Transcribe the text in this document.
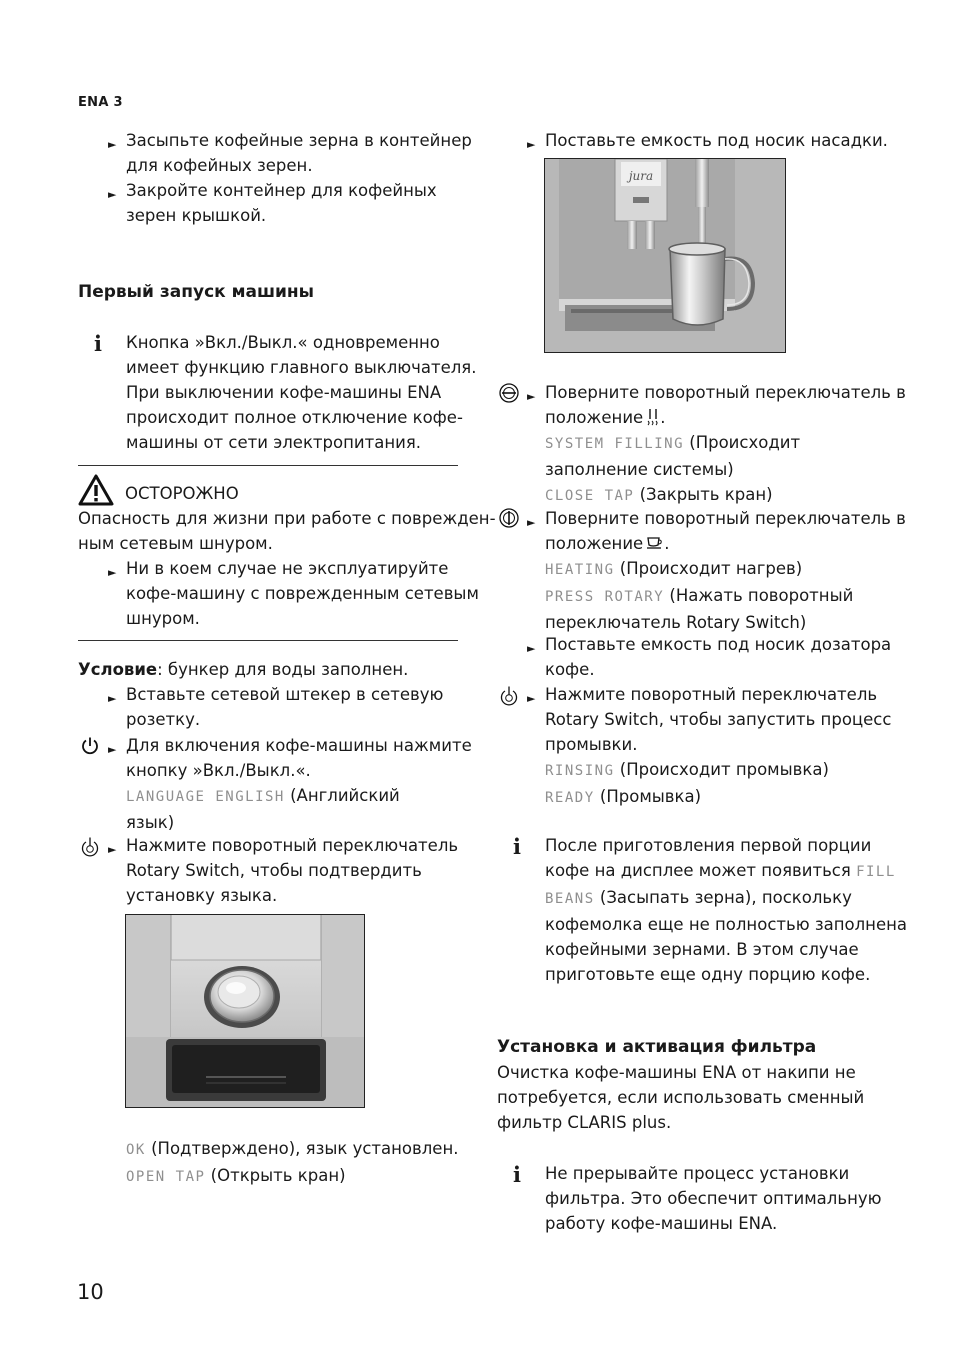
ENA 3
► Засыпьте кофейные зерна в контейнер
для кофейных зерен.
► Закройте контейнер для кофейных
зерен крышкой.
Первый запуск машины
i Кнопка »Вкл./Выкл.« одновременно
имеет функцию главного выключателя.
При выключении кофе-машины ENA
происходит полное отключение кофе-
машины от сети электропитания.
ОСТОРОЖНО
Опасность для жизни при работе с поврежден-
ным сетевым шнуром.
► Ни в коем случае не эксплуатируйте
кофе-машину с поврежденным сетевым
шнуром.
Условие: бункер для воды заполнен.
► Вставьте сетевой штекер в сетевую
розетку.
► Для включения кофе-машины нажмите
кнопку »Вкл./Выкл.«.
LANGUAGE ENGLISH (Английский
язык)
► Нажмите поворотный переключатель
Rotary Switch, чтобы подтвердить
установку языка.
OK (Подтверждено), язык установлен.
OPEN TAP (Открыть кран)
10
► Поставьте емкость под носик насадки.
jura
► Поверните поворотный переключатель в
положение .
SYSTEM FILLING (Происходит
заполнение системы)
CLOSE TAP (Закрыть кран)
► Поверните поворотный переключатель в
положение .
HEATING (Происходит нагрев)
PRESS ROTARY (Нажать поворотный
переключатель Rotary Switch)
► Поставьте емкость под носик дозатора
кофе.
► Нажмите поворотный переключатель
Rotary Switch, чтобы запустить процесс
промывки.
RINSING (Происходит промывка)
READY (Промывка)
i После приготовления первой порции
кофе на дисплее может появиться FILL
BEANS (Засыпать зерна), поскольку
кофемолка еще не полностью заполнена
кофейными зернами. В этом случае
приготовьте еще одну порцию кофе.
Установка и активация фильтра
Очистка кофе-машины ENA от накипи не
потребуется, если использовать сменный
фильтр CLARIS plus.
i Не прерывайте процесс установки
фильтра. Это обеспечит оптимальную
работу кофе-машины ENA.
